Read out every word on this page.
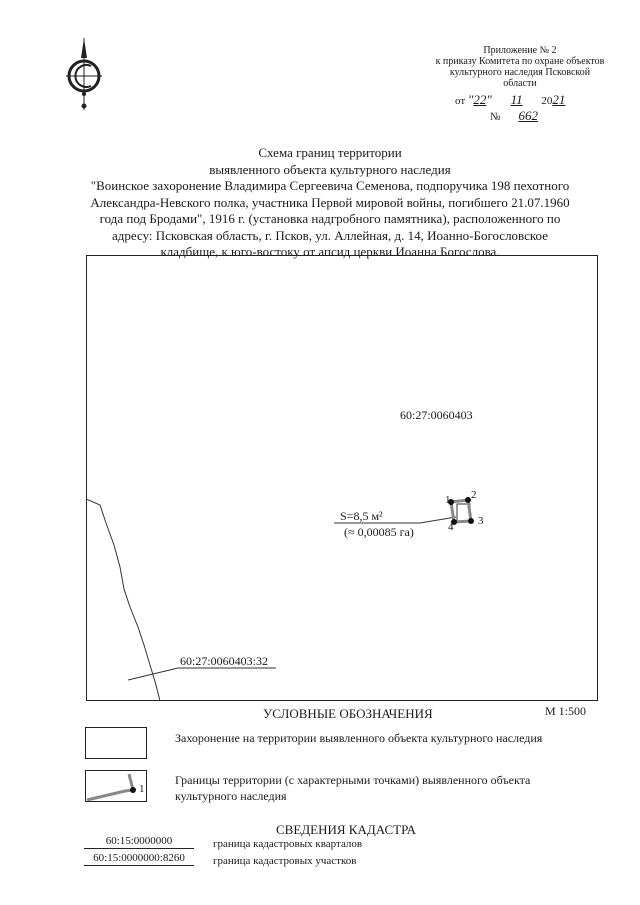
Приложение № 2
к приказу Комитета по охране объектов
культурного наследия Псковской
области
от "22" 11 2021
№ 662
Схема границ территории
выявленного объекта культурного наследия
"Воинское захоронение Владимира Сергеевича Семенова, подпоручика 198 пехотного
Александра-Невского полка, участника Первой мировой войны, погибшего 21.07.1960
года под Бродами", 1916 г. (установка надгробного памятника), расположенного по
адресу: Псковская область, г. Псков, ул. Аллейная, д. 14, Иоанно-Богословское
кладбище, к юго-востоку от апсид церкви Иоанна Богослова.
60:27:0060403
60:27:0060403:32
S=8,5 м²
(≈ 0,00085 га)
1 2
3
4
М 1:500
УСЛОВНЫЕ ОБОЗНАЧЕНИЯ
Захоронение на территории выявленного объекта культурного наследия
1
Границы территории (с характерными точками) выявленного объекта
культурного наследия
СВЕДЕНИЯ КАДАСТРА
60:15:0000000	граница кадастровых кварталов
60:15:0000000:8260	граница кадастровых участков
